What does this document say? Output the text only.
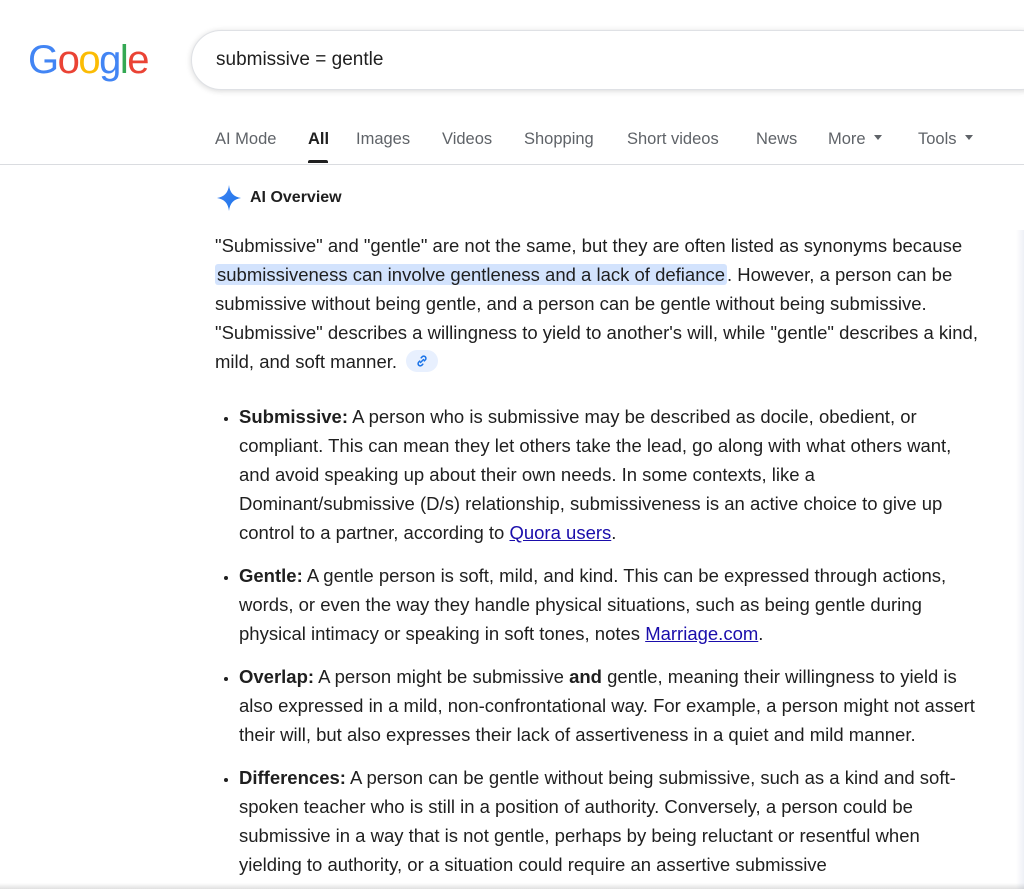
Google	submissive = gentle
AI Mode All Images Videos Shopping Short videos News More	Tools
AI Overview

"Submissive" and "gentle" are not the same, but they are often listed as synonyms because submissiveness can involve gentleness and a lack of defiance . However, a person can be submissive without being gentle, and a person can be gentle without being submissive. "Submissive" describes a willingness to yield to another's will, while "gentle" describes a kind, mild, and soft manner.

• Submissive: A person who is submissive may be described as docile, obedient, or compliant. This can mean they let others take the lead, go along with what others want, and avoid speaking up about their own needs. In some contexts, like a Dominant/submissive (D/s) relationship, submissiveness is an active choice to give up control to a partner, according to Quora users.
• Gentle: A gentle person is soft, mild, and kind. This can be expressed through actions, words, or even the way they handle physical situations, such as being gentle during physical intimacy or speaking in soft tones, notes Marriage.com.
• Overlap: A person might be submissive and gentle, meaning their willingness to yield is also expressed in a mild, non-confrontational way. For example, a person might not assert their will, but also expresses their lack of assertiveness in a quiet and mild manner.
• Differences: A person can be gentle without being submissive, such as a kind and soft-spoken teacher who is still in a position of authority. Conversely, a person could be submissive in a way that is not gentle, perhaps by being reluctant or resentful when yielding to authority, or a situation could require an assertive submissive
